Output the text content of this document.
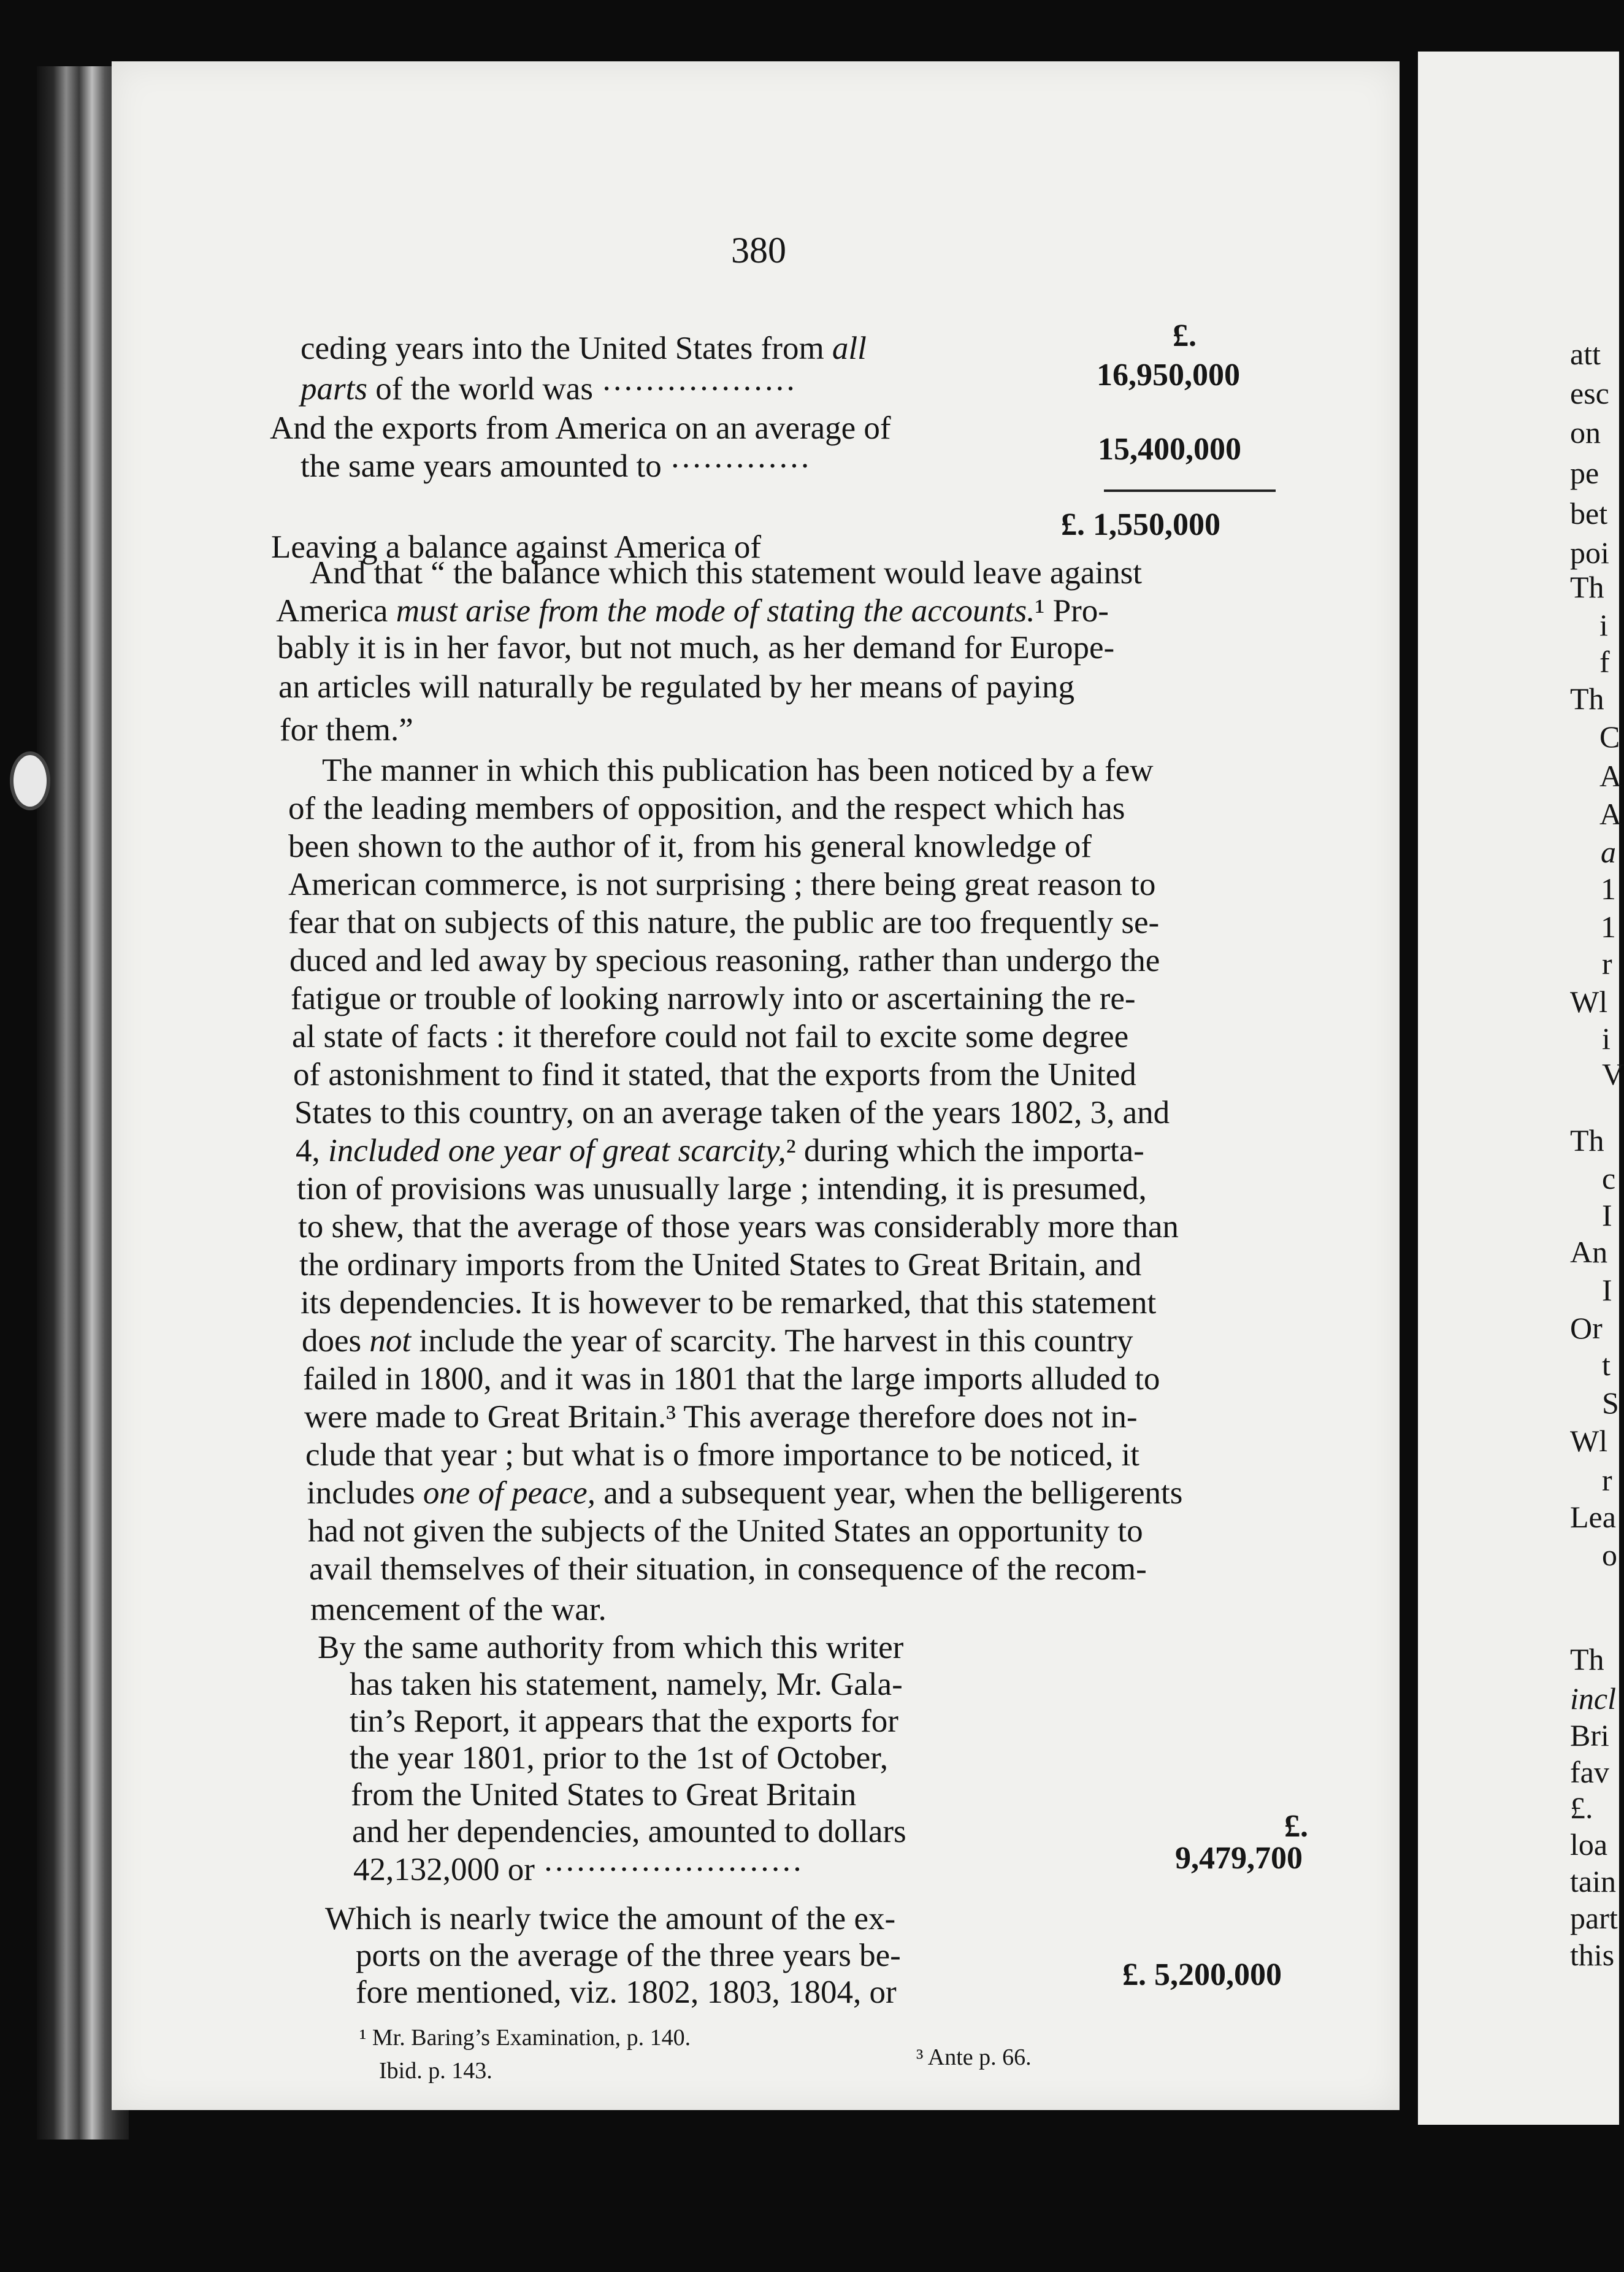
380
£.
ceding years into the United States from all
parts of the world was ··················	16,950,000
And the exports from America on an average of
the same years amounted to ·············	15,400,000
Leaving a balance against America of
£. 1,550,000
And that “ the balance which this statement would leave against
America must arise from the mode of stating the accounts.¹ Pro-
bably it is in her favor, but not much, as her demand for Europe-
an articles will naturally be regulated by her means of paying
for them.”
The manner in which this publication has been noticed by a few
of the leading members of opposition, and the respect which has
been shown to the author of it, from his general knowledge of
American commerce, is not surprising ; there being great reason to
fear that on subjects of this nature, the public are too frequently se-
duced and led away by specious reasoning, rather than undergo the
fatigue or trouble of looking narrowly into or ascertaining the re-
al state of facts : it therefore could not fail to excite some degree
of astonishment to find it stated, that the exports from the United
States to this country, on an average taken of the years 1802, 3, and
4, included one year of great scarcity,² during which the importa-
tion of provisions was unusually large ; intending, it is presumed,
to shew, that the average of those years was considerably more than
the ordinary imports from the United States to Great Britain, and
its dependencies. It is however to be remarked, that this statement
does not include the year of scarcity. The harvest in this country
failed in 1800, and it was in 1801 that the large imports alluded to
were made to Great Britain.³ This average therefore does not in-
clude that year ; but what is o fmore importance to be noticed, it
includes one of peace, and a subsequent year, when the belligerents
had not given the subjects of the United States an opportunity to
avail themselves of their situation, in consequence of the recom-
mencement of the war.
By the same authority from which this writer
has taken his statement, namely, Mr. Gala-
tin’s Report, it appears that the exports for
the year 1801, prior to the 1st of October,
from the United States to Great Britain
£.
and her dependencies, amounted to dollars
42,132,000 or ························	9,479,700
Which is nearly twice the amount of the ex-
ports on the average of the three years be-
fore mentioned, viz. 1802, 1803, 1804, or	£. 5,200,000
¹ Mr. Baring’s Examination, p. 140.
Ibid. p. 143.
³ Ante p. 66.
att
esc
on
pe
bet
poi
Th
i
f
Th
C
A
A
a
1
1
r
Wl
i
V
Th
c
I
An
I
Or
t
S
Wl
r
Lea
o
Th
incl
Bri
fav
£.
loa
tain
part
this
